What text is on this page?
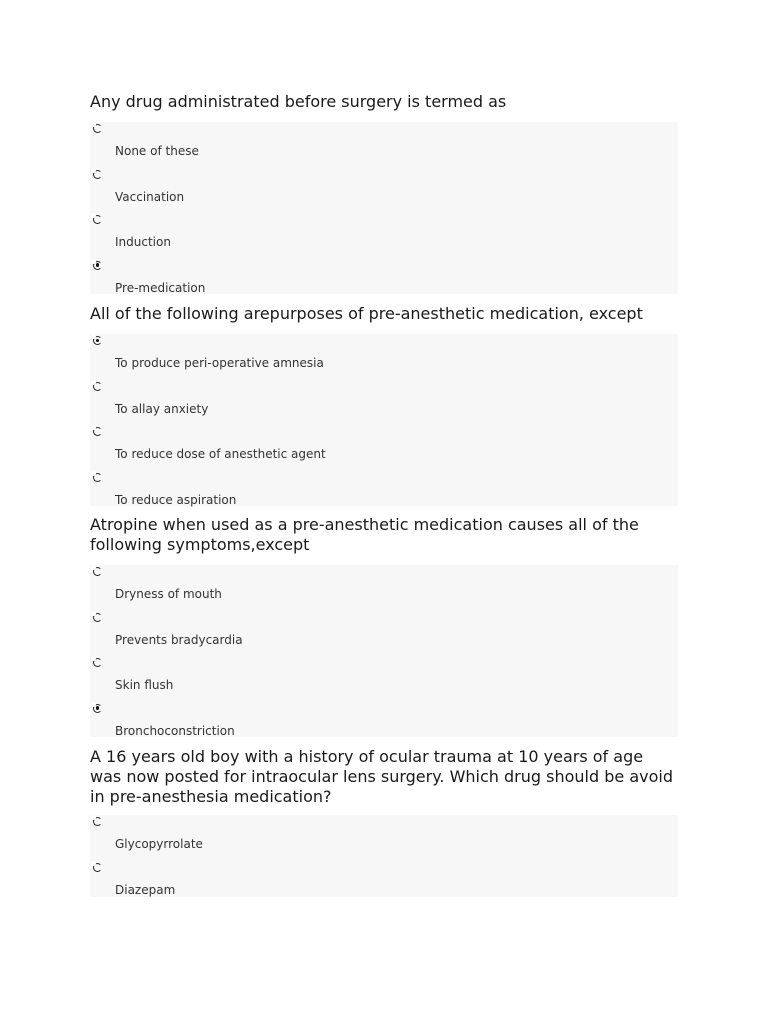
Any drug administrated before surgery is termed as

None of these
Vaccination
Induction
Pre-medication

All of the following arepurposes of pre-anesthetic medication, except

To produce peri-operative amnesia
To allay anxiety
To reduce dose of anesthetic agent
To reduce aspiration

Atropine when used as a pre-anesthetic medication causes all of the following symptoms,except

Dryness of mouth
Prevents bradycardia
Skin flush
Bronchoconstriction

A 16 years old boy with a history of ocular trauma at 10 years of age was now posted for intraocular lens surgery. Which drug should be avoid in pre-anesthesia medication?

Glycopyrrolate
Diazepam
